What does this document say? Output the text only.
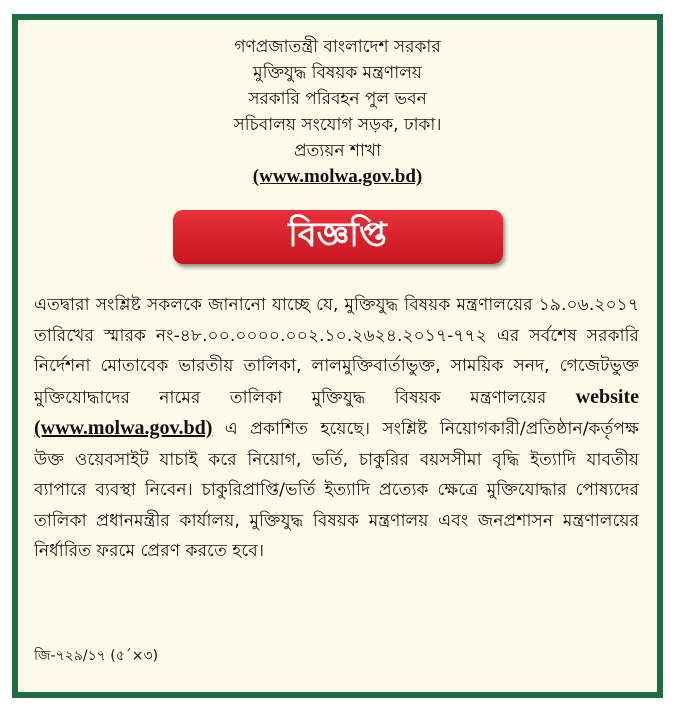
গণপ্রজাতন্ত্রী বাংলাদেশ সরকার
মুক্তিযুদ্ধ বিষয়ক মন্ত্রণালয়
সরকারি পরিবহন পুল ভবন
সচিবালয় সংযোগ সড়ক, ঢাকা।
প্রত্যয়ন শাখা
(www.molwa.gov.bd)
বিজ্ঞপ্তি
এতদ্বারা সংশ্লিষ্ট সকলকে জানানো যাচ্ছে যে, মুক্তিযুদ্ধ বিষয়ক মন্ত্রণালয়ের ১৯.০৬.২০১৭ তারিখের স্মারক নং-৪৮.০০.০০০০.০০২.১০.২৬২৪.২০১৭-৭৭২ এর সর্বশেষ সরকারি নির্দেশনা মোতাবেক ভারতীয় তালিকা, লালমুক্তিবার্তাভুক্ত, সাময়িক সনদ, গেজেটভুক্ত মুক্তিযোদ্ধাদের নামের তালিকা মুক্তিযুদ্ধ বিষয়ক মন্ত্রণালয়ের website (www.molwa.gov.bd) এ প্রকাশিত হয়েছে। সংশ্লিষ্ট নিয়োগকারী/প্রতিষ্ঠান/কর্তৃপক্ষ উক্ত ওয়েবসাইট যাচাই করে নিয়োগ, ভর্তি, চাকুরির বয়সসীমা বৃদ্ধি ইত্যাদি যাবতীয় ব্যাপারে ব্যবস্থা নিবেন। চাকুরিপ্রাপ্তি/ভর্তি ইত্যাদি প্রত্যেক ক্ষেত্রে মুক্তিযোদ্ধার পোষ্যদের তালিকা প্রধানমন্ত্রীর কার্যালয়, মুক্তিযুদ্ধ বিষয়ক মন্ত্রণালয় এবং জনপ্রশাসন মন্ত্রণালয়ের নির্ধারিত ফরমে প্রেরণ করতে হবে।
জি-৭২৯/১৭ (৫´×৩)
